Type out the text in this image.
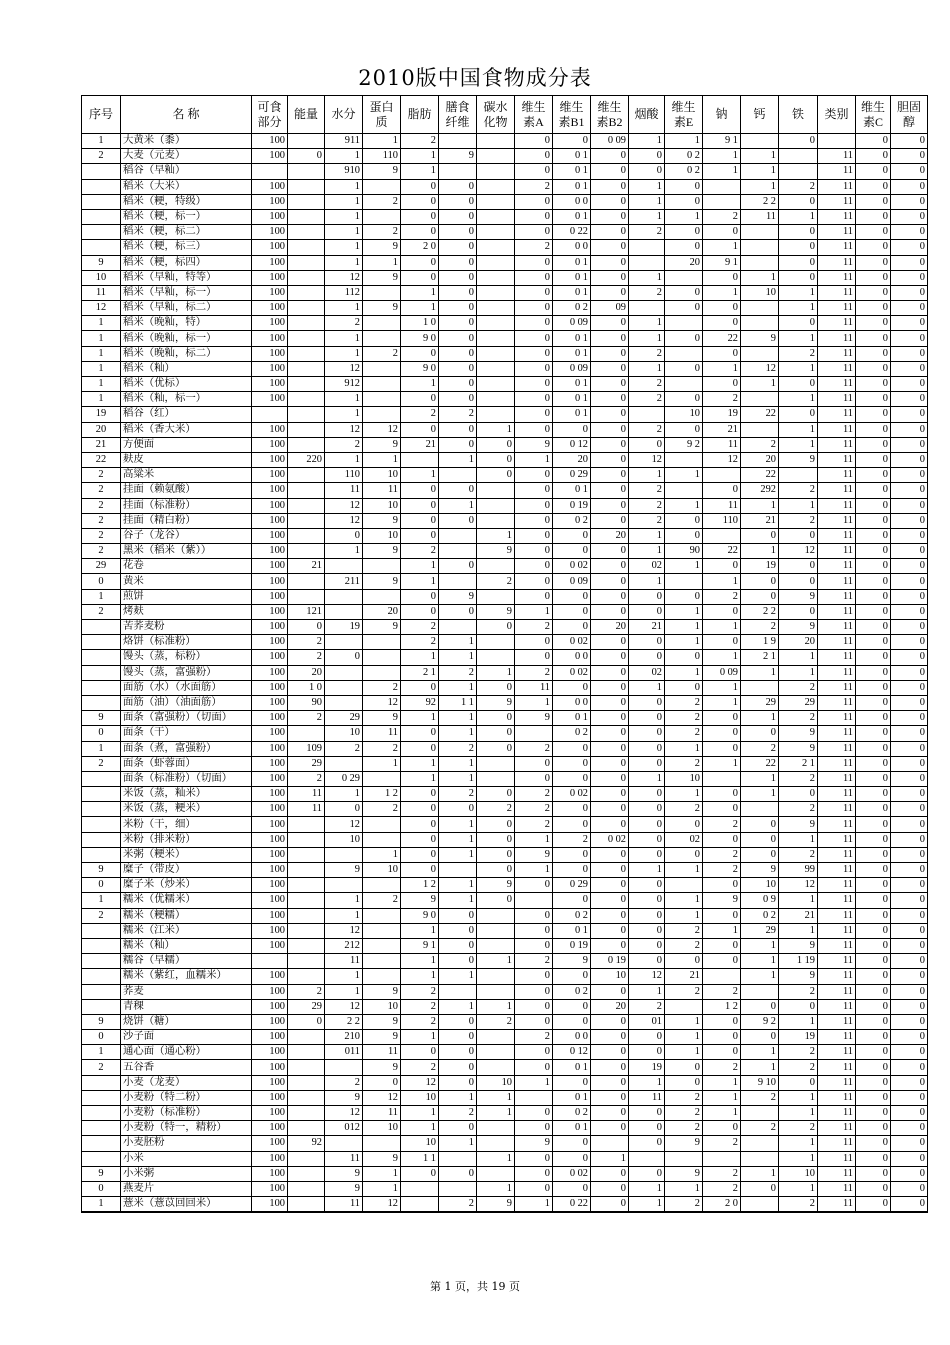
2010版中国食物成分表
序号	名 称	可食部分	能量	水分	蛋白质	脂肪	膳食纤维	碳水化物	维生素A	维生素B1	维生素B2	烟酸	维生素E	钠	钙	铁	类别	维生素C	胆固醇
1	大黄米（黍）	100		911	1	2			0	0	0 09	1	1	9 1		0		0	0
2	大麦（元麦）	100	0	1	110	1	9		0	0 1	0	0	0 2	1	1		11	0	0
	稻谷（早籼）			910	9	1			0	0 1	0	0	0 2	1	1		11	0	0
	稻米（大米）	100		1		0	0		2	0 1	0	1	0		1	2	11	0	0
	稻米（粳，特级）	100		1	2	0	0		0	0 0	0	1	0		2 2	0	11	0	0
	稻米（粳，标一）	100		1		0	0		0	0 1	0	1	1	2	11	1	11	0	0
	稻米（粳，标二）	100		1	2	0	0		0	0 22	0	2	0	0		0	11	0	0
	稻米（粳，标三）	100		1	9	2 0	0		2	0 0	0		0	1		0	11	0	0
9	稻米（粳，标四）	100		1	1	0	0		0	0 1	0		20	9 1		0	11	0	0
10	稻米（早籼，特等）	100		12	9	0	0		0	0 1	0	1		0	1	0	11	0	0
11	稻米（早籼，标一）	100		112		1	0		0	0 1	0	2	0	1	10	1	11	0	0
12	稻米（早籼，标二）	100		1	9	1	0		0	0 2	09		0	0		1	11	0	0
1	稻米（晚籼，特）	100		2		1 0	0		0	0 09	0	1		0		0	11	0	0
1	稻米（晚籼，标一）	100		1		9 0	0		0	0 1	0	1	0	22	9	1	11	0	0
1	稻米（晚籼，标二）	100		1	2	0	0		0	0 1	0	2		0		2	11	0	0
1	稻米（籼）	100		12		9 0	0		0	0 09	0	1	0	1	12	1	11	0	0
1	稻米（优标）	100		912		1	0		0	0 1	0	2		0	1	0	11	0	0
1	稻米（籼，标一）	100		1		0	0		0	0 1	0	2	0	2		1	11	0	0
19	稻谷（红）			1		2	2		0	0 1	0		10	19	22	0	11	0	0
20	稻米（香大米）	100		12	12	0	0	1	0	0	0	2	0	21		1	11	0	0
21	方便面	100		2	9	21	0	0	9	0 12	0	0	9 2	11	2	1	11	0	0
22	麸皮	100	220	1	1		1	0	1	20	0	12		12	20	9	11	0	0
2	高粱米	100		110	10	1		0	0	0 29	0	1	1		22		11	0	0
2	挂面（赖氨酸）	100		11	11	0	0		0	0 1	0	2		0	292	2	11	0	0
2	挂面（标准粉）	100		12	10	0	1		0	0 19	0	2	1	11	1	1	11	0	0
2	挂面（精白粉）	100		12	9	0	0		0	0 2	0	2	0	110	21	2	11	0	0
2	谷子（龙谷）	100		0	10	0		1	0	0	20	1	0		0	0	11	0	0
2	黑米（稻米（紫））	100		1	9	2		9	0	0	0	1	90	22	1	12	11	0	0
29	花卷	100	21			1	0		0	0 02	0	02	1	0	19	0	11	0	0
0	黄米	100		211	9	1		2	0	0 09	0	1		1	0	0	11	0	0
1	煎饼	100				0	9		0	0	0	0	0	2	0	9	11	0	0
2	烤麸	100	121		20	0	0	9	1	0	0	0	1	0	2 2	0	11	0	0
	苦荞麦粉	100	0	19	9	2		0	2	0	20	21	1	1	2	9	11	0	0
	烙饼（标准粉）	100	2			2	1		0	0 02	0	0	1	0	1 9	20	11	0	0
	馒头（蒸，标粉）	100	2	0		1	1		0	0 0	0	0	0	1	2 1	1	11	0	0
	馒头（蒸，富强粉）	100	20			2 1	2	1	2	0 02	0	02	1	0 09	1	1	11	0	0
	面筋（水）（水面筋）	100	1 0		2	0	1	0	11	0	0	1	0	1		2	11	0	0
	面筋（油）（油面筋）	100	90		12	92	1 1	9	1	0 0	0	0	2	1	29	29	11	0	0
9	面条（富强粉）（切面）	100	2	29	9	1	1	0	9	0 1	0	0	2	0	1	2	11	0	0
0	面条（干）	100		10	11	0	1	0		0 2	0	0	2	0	0	9	11	0	0
1	面条（煮，富强粉）	100	109	2	2	0	2	0	2	0	0	0	1	0	2	9	11	0	0
2	面条（虾蓉面）	100	29		1	1	1		0	0	0	0	2	1	22	2 1	11	0	0
	面条（标准粉）（切面）	100	2	0 29		1	1		0	0	0	1	10		1	2	11	0	0
	米饭（蒸，籼米）	100	11	1	1 2	0	2	0	2	0 02	0	0	1	0	1	0	11	0	0
	米饭（蒸，粳米）	100	11	0	2	0	0	2	2	0	0	0	2	0		2	11	0	0
	米粉（干，细）	100		12		0	1	0	2	0	0	0	0	2	0	9	11	0	0
	米粉（排米粉）	100		10		0	1	0	1	2	0 02	0	02	0	0	1	11	0	0
	米粥（粳米）	100			1	0	1	0	9	0	0	0	0	2	0	2	11	0	0
9	糜子（带皮）	100		9	10	0		0	1	0	0	1	1	2	9	99	11	0	0
0	糜子米（炒米）	100				1 2	1	9	0	0 29	0	0		0	10	12	11	0	0
1	糯米（优糯米）	100		1	2	9	1	0		0	0	0	1	9	0 9	1	11	0	0
2	糯米（粳糯）	100		1		9 0	0		0	0 2	0	0	1	0	0 2	21	11	0	0
	糯米（江米）	100		12		1	0		0	0 1	0	0	2	1	29	1	11	0	0
	糯米（籼）	100		212		9 1	0		0	0 19	0	0	2	0	1	9	11	0	0
	糯谷（早糯）			11		1	0	1	2	9	0 19	0	0	0	1	1 19	11	0	0
	糯米（紫红，血糯米）	100		1		1	1		0	0	10	12	21		1	9	11	0	0
	荞麦	100	2	1	9	2			0	0 2	0	1	2	2		2	11	0	0
	青稞	100	29	12	10	2	1	1	0	0	20	2		1 2	0	0	11	0	0
9	烧饼（糖）	100	0	2 2	9	2	0	2	0	0	0	01	1	0	9 2	1	11	0	0
0	沙子面	100		210	9	1	0		2	0 0	0	0	1	0	0	19	11	0	0
1	通心面（通心粉）	100		011	11	0	0		0	0 12	0	0	1	0	1	2	11	0	0
2	五谷香	100			9	2	0		0	0 1	0	19	0	2	1	2	11	0	0
	小麦（龙麦）	100		2	0	12	0	10	1	0	0	1	0	1	9 10	0	11	0	0
	小麦粉（特二粉）	100		9	12	10	1	1		0 1	0	11	2	1	2	1	11	0	0
	小麦粉（标准粉）	100		12	11	1	2	1	0	0 2	0	0	2	1		1	11	0	0
	小麦粉（特一，精粉）	100		012	10	1	0		0	0 1	0	0	2	0	2	2	11	0	0
	小麦胚粉	100	92			10	1		9	0		0	9	2		1	11	0	0
	小米	100		11	9	1 1		1	0	0	1					1	11	0	0
9	小米粥	100		9	1	0	0		0	0 02	0	0	9	2	1	10	11	0	0
0	燕麦片	100		9	1			1	0	0	0	1	1	2	0	1	11	0	0
1	薏米（薏苡回回米）	100		11	12		2	9	1	0 22	0	1	2	2 0		2	11	0	0
第 1 页，共 19 页
